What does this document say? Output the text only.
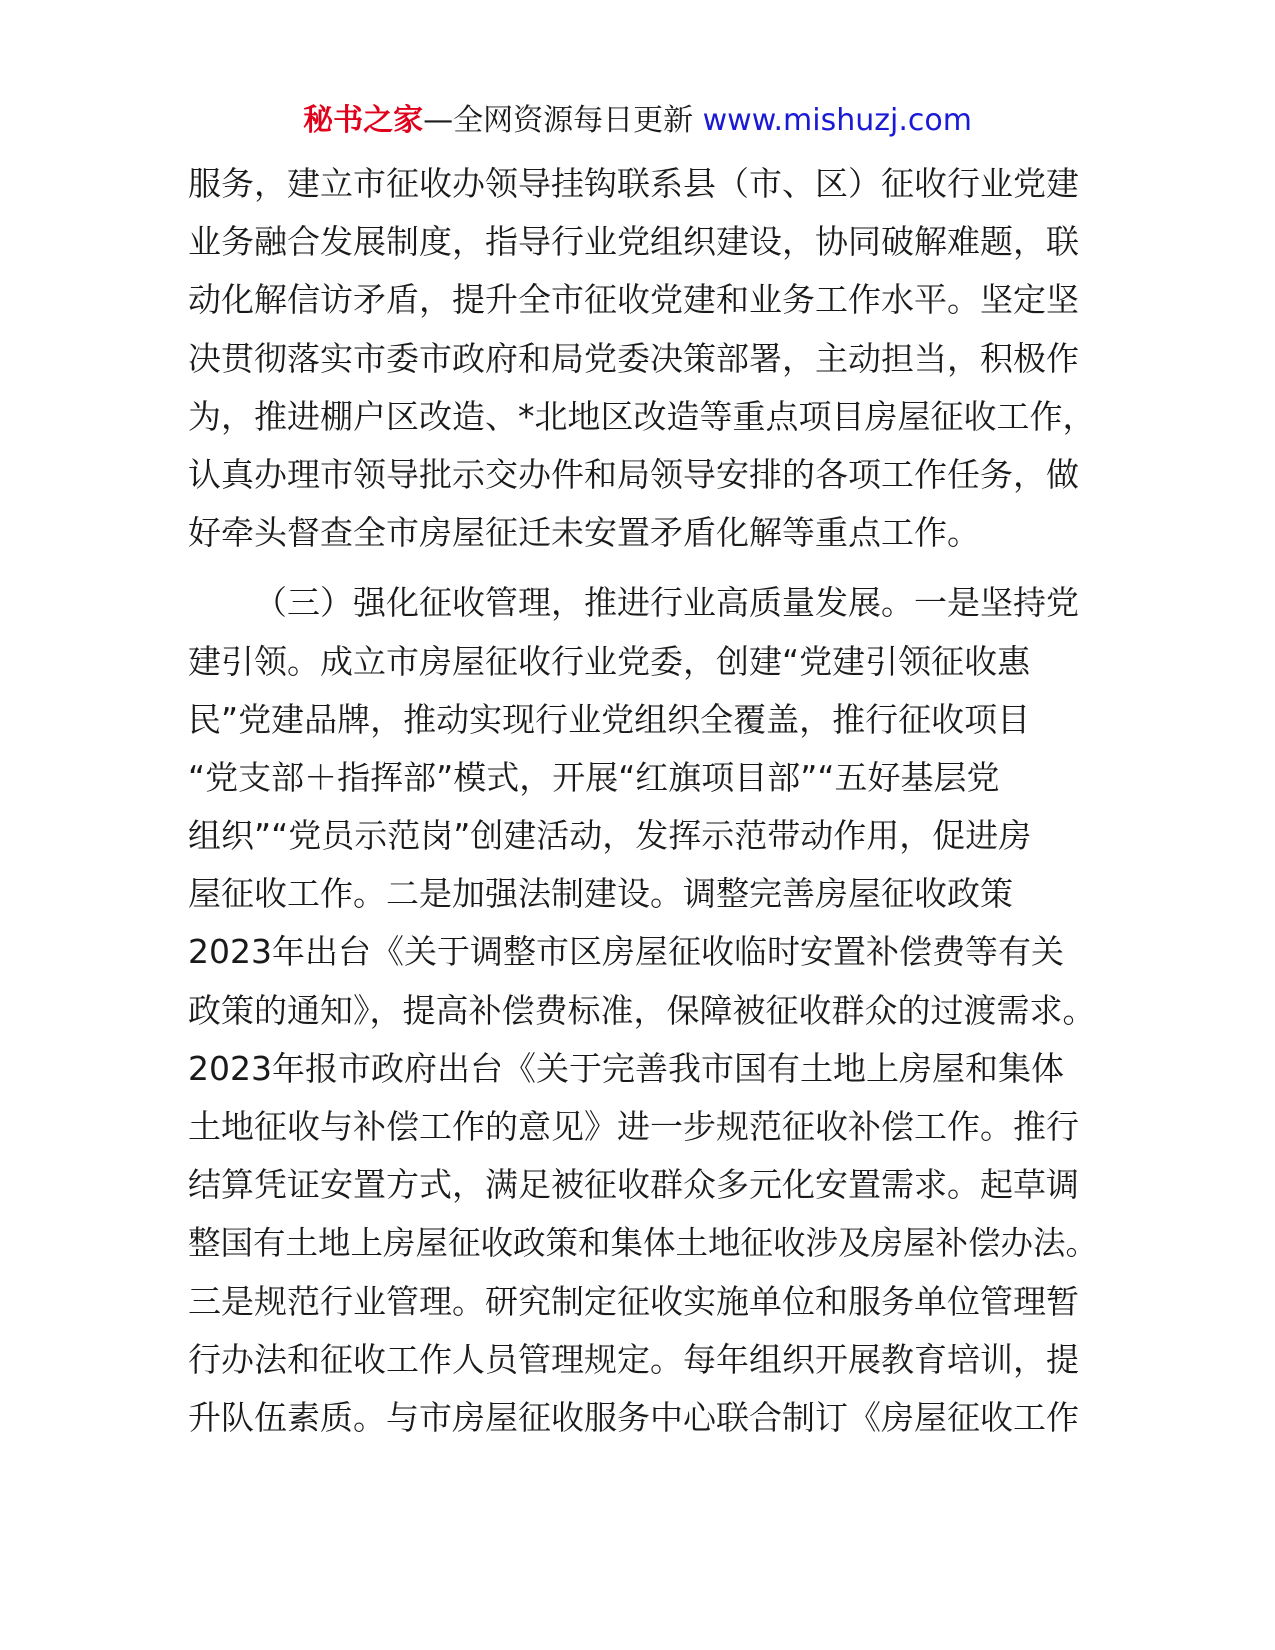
秘书之家—全网资源每日更新 www.mishuzj.com
服务，建立市征收办领导挂钩联系县（市、区）征收行业党建
业务融合发展制度，指导行业党组织建设，协同破解难题，联
动化解信访矛盾，提升全市征收党建和业务工作水平。坚定坚
决贯彻落实市委市政府和局党委决策部署，主动担当，积极作
为，推进棚户区改造、*北地区改造等重点项目房屋征收工作，
认真办理市领导批示交办件和局领导安排的各项工作任务，做
好牵头督查全市房屋征迁未安置矛盾化解等重点工作。
（三）强化征收管理，推进行业高质量发展。一是坚持党
建引领。成立市房屋征收行业党委，创建“党建引领征收惠
民”党建品牌，推动实现行业党组织全覆盖，推行征收项目
“党支部＋指挥部”模式，开展“红旗项目部”“五好基层党
组织”“党员示范岗”创建活动，发挥示范带动作用，促进房
屋征收工作。二是加强法制建设。调整完善房屋征收政策
2023年出台《关于调整市区房屋征收临时安置补偿费等有关
政策的通知》，提高补偿费标准，保障被征收群众的过渡需求。
2023年报市政府出台《关于完善我市国有土地上房屋和集体
土地征收与补偿工作的意见》进一步规范征收补偿工作。推行
结算凭证安置方式，满足被征收群众多元化安置需求。起草调
整国有土地上房屋征收政策和集体土地征收涉及房屋补偿办法。
三是规范行业管理。研究制定征收实施单位和服务单位管理暂
行办法和征收工作人员管理规定。每年组织开展教育培训，提
升队伍素质。与市房屋征收服务中心联合制订《房屋征收工作
